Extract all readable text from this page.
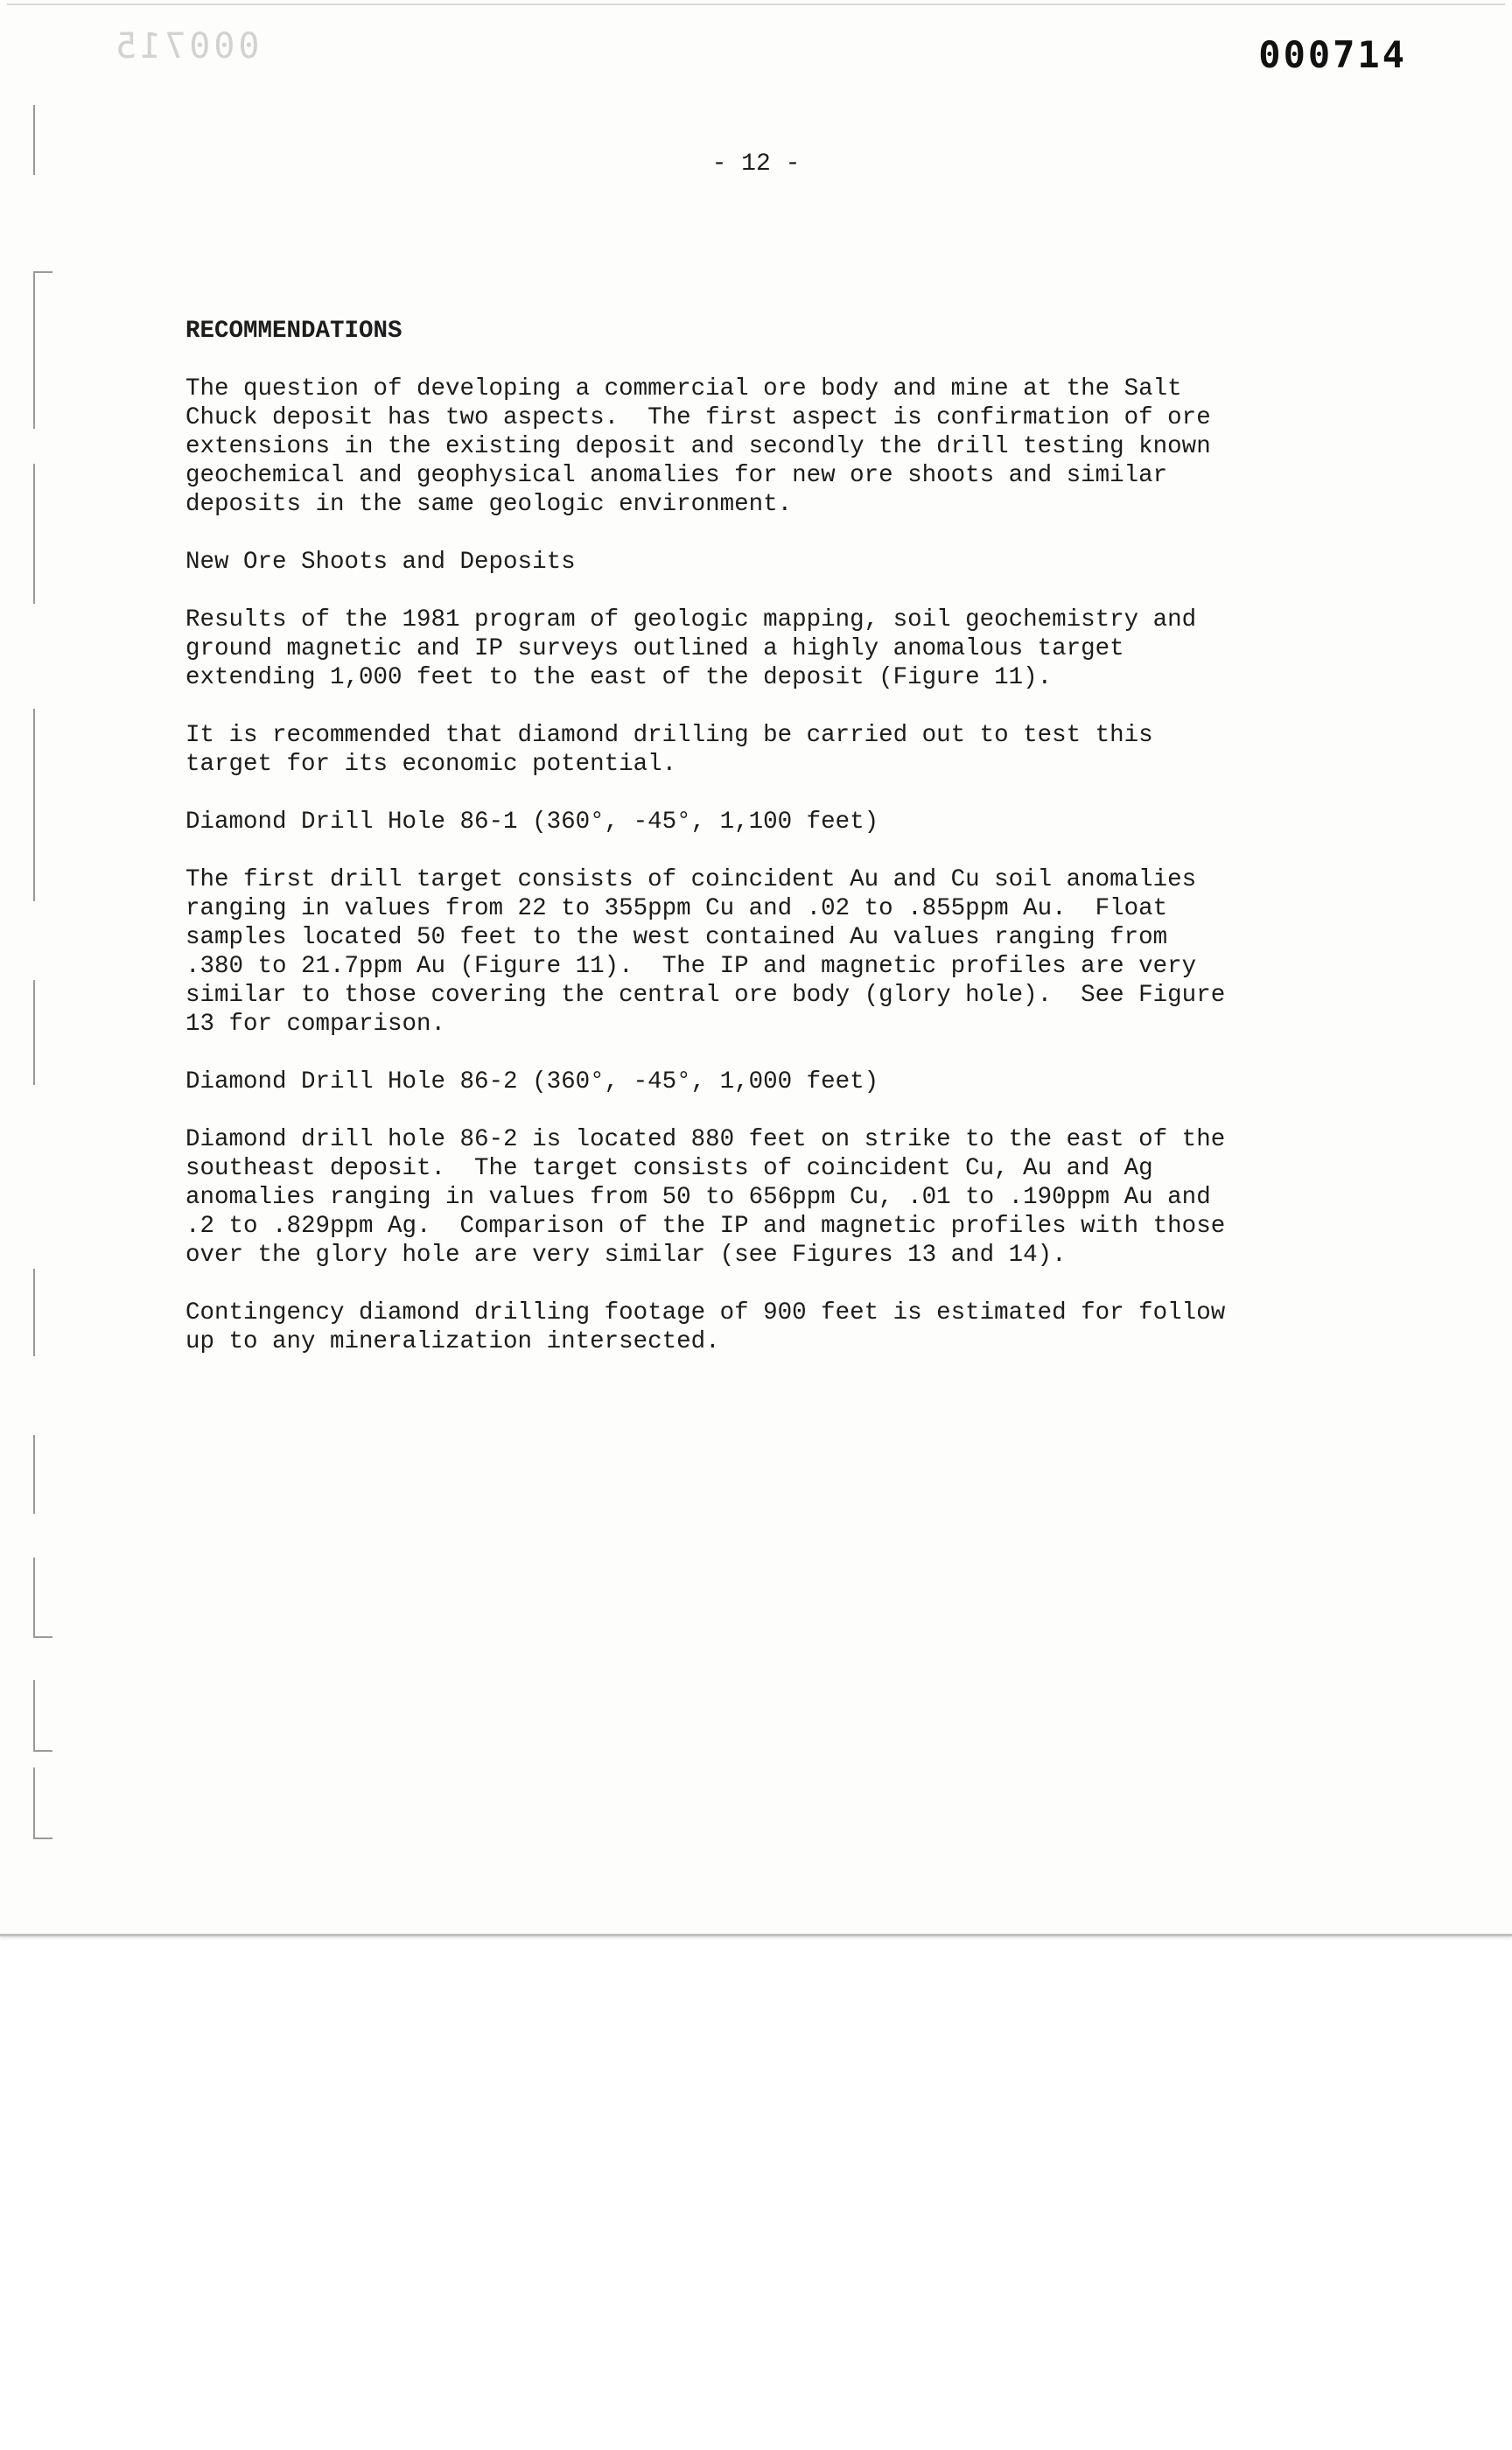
000715	000714
- 12 -
RECOMMENDATIONS

The question of developing a commercial ore body and mine at the Salt
Chuck deposit has two aspects.  The first aspect is confirmation of ore
extensions in the existing deposit and secondly the drill testing known
geochemical and geophysical anomalies for new ore shoots and similar
deposits in the same geologic environment.

New Ore Shoots and Deposits

Results of the 1981 program of geologic mapping, soil geochemistry and
ground magnetic and IP surveys outlined a highly anomalous target
extending 1,000 feet to the east of the deposit (Figure 11).

It is recommended that diamond drilling be carried out to test this
target for its economic potential.

Diamond Drill Hole 86-1 (360°, -45°, 1,100 feet)

The first drill target consists of coincident Au and Cu soil anomalies
ranging in values from 22 to 355ppm Cu and .02 to .855ppm Au.  Float
samples located 50 feet to the west contained Au values ranging from
.380 to 21.7ppm Au (Figure 11).  The IP and magnetic profiles are very
similar to those covering the central ore body (glory hole).  See Figure
13 for comparison.

Diamond Drill Hole 86-2 (360°, -45°, 1,000 feet)

Diamond drill hole 86-2 is located 880 feet on strike to the east of the
southeast deposit.  The target consists of coincident Cu, Au and Ag
anomalies ranging in values from 50 to 656ppm Cu, .01 to .190ppm Au and
.2 to .829ppm Ag.  Comparison of the IP and magnetic profiles with those
over the glory hole are very similar (see Figures 13 and 14).

Contingency diamond drilling footage of 900 feet is estimated for follow
up to any mineralization intersected.
